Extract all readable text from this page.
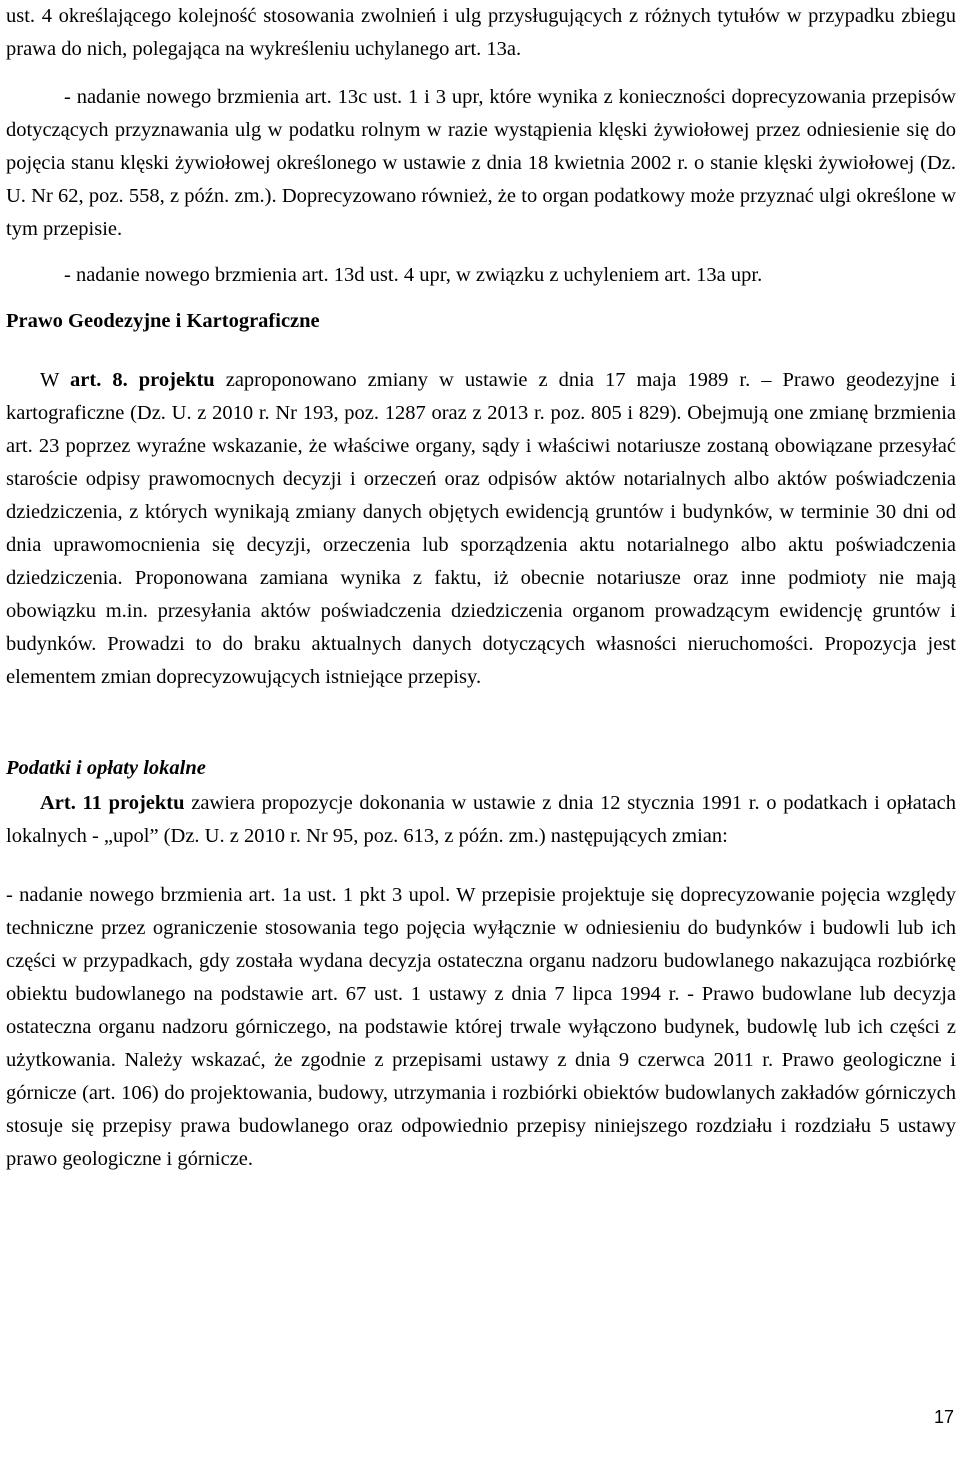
ust. 4 określającego kolejność stosowania zwolnień i ulg przysługujących z różnych tytułów w przypadku zbiegu prawa do nich, polegająca na wykreśleniu uchylanego art. 13a.

- nadanie nowego brzmienia art. 13c ust. 1 i 3 upr, które wynika z konieczności doprecyzowania przepisów dotyczących przyznawania ulg w podatku rolnym w razie wystąpienia klęski żywiołowej przez odniesienie się do pojęcia stanu klęski żywiołowej określonego w ustawie z dnia 18 kwietnia 2002 r. o stanie klęski żywiołowej (Dz. U. Nr 62, poz. 558, z późn. zm.). Doprecyzowano również, że to organ podatkowy może przyznać ulgi określone w tym przepisie.

- nadanie nowego brzmienia art. 13d ust. 4 upr, w związku z uchyleniem art. 13a upr.

Prawo Geodezyjne i Kartograficzne

W art. 8. projektu zaproponowano zmiany w ustawie z dnia 17 maja 1989 r. – Prawo geodezyjne i kartograficzne (Dz. U. z 2010 r. Nr 193, poz. 1287 oraz z 2013 r. poz. 805 i 829). Obejmują one zmianę brzmienia art. 23 poprzez wyraźne wskazanie, że właściwe organy, sądy i właściwi notariusze zostaną obowiązane przesyłać staroście odpisy prawomocnych decyzji i orzeczeń oraz odpisów aktów notarialnych albo aktów poświadczenia dziedziczenia, z których wynikają zmiany danych objętych ewidencją gruntów i budynków, w terminie 30 dni od dnia uprawomocnienia się decyzji, orzeczenia lub sporządzenia aktu notarialnego albo aktu poświadczenia dziedziczenia. Proponowana zamiana wynika z faktu, iż obecnie notariusze oraz inne podmioty nie mają obowiązku m.in. przesyłania aktów poświadczenia dziedziczenia organom prowadzącym ewidencję gruntów i budynków. Prowadzi to do braku aktualnych danych dotyczących własności nieruchomości. Propozycja jest elementem zmian doprecyzowujących istniejące przepisy.

Podatki i opłaty lokalne

Art. 11 projektu zawiera propozycje dokonania w ustawie z dnia 12 stycznia 1991 r. o podatkach i opłatach lokalnych - „upol” (Dz. U. z 2010 r. Nr 95, poz. 613, z późn. zm.) następujących zmian:

- nadanie nowego brzmienia art. 1a ust. 1 pkt 3 upol. W przepisie projektuje się doprecyzowanie pojęcia względy techniczne przez ograniczenie stosowania tego pojęcia wyłącznie w odniesieniu do budynków i budowli lub ich części w przypadkach, gdy została wydana decyzja ostateczna organu nadzoru budowlanego nakazująca rozbiórkę obiektu budowlanego na podstawie art. 67 ust. 1 ustawy z dnia 7 lipca 1994 r. - Prawo budowlane lub decyzja ostateczna organu nadzoru górniczego, na podstawie której trwale wyłączono budynek, budowlę lub ich części z użytkowania. Należy wskazać, że zgodnie z przepisami ustawy z dnia 9 czerwca 2011 r. Prawo geologiczne i górnicze (art. 106) do projektowania, budowy, utrzymania i rozbiórki obiektów budowlanych zakładów górniczych stosuje się przepisy prawa budowlanego oraz odpowiednio przepisy niniejszego rozdziału i rozdziału 5 ustawy prawo geologiczne i górnicze.

17
